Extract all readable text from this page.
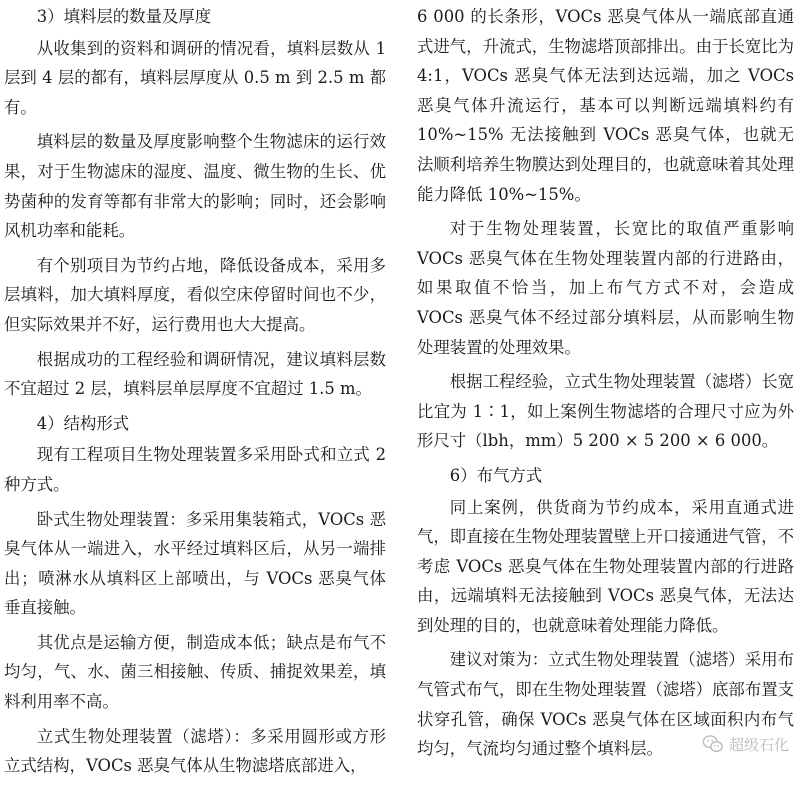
3）填料层的数量及厚度

从收集到的资料和调研的情况看，填料层数从 1 层到 4 层的都有，填料层厚度从 0.5 m 到 2.5 m 都有。

填料层的数量及厚度影响整个生物滤床的运行效果，对于生物滤床的湿度、温度、微生物的生长、优势菌种的发育等都有非常大的影响；同时，还会影响风机功率和能耗。

有个别项目为节约占地，降低设备成本，采用多层填料，加大填料厚度，看似空床停留时间也不少，但实际效果并不好，运行费用也大大提高。

根据成功的工程经验和调研情况，建议填料层数不宜超过 2 层，填料层单层厚度不宜超过 1.5 m。

4）结构形式

现有工程项目生物处理装置多采用卧式和立式 2 种方式。

卧式生物处理装置：多采用集装箱式，VOCs 恶臭气体从一端进入，水平经过填料区后，从另一端排出；喷淋水从填料区上部喷出，与 VOCs 恶臭气体垂直接触。

其优点是运输方便，制造成本低；缺点是布气不均匀，气、水、菌三相接触、传质、捕捉效果差，填料利用率不高。

立式生物处理装置（滤塔）：多采用圆形或方形立式结构，VOCs 恶臭气体从生物滤塔底部进入，

6 000 的长条形，VOCs 恶臭气体从一端底部直通式进气，升流式，生物滤塔顶部排出。由于长宽比为 4:1，VOCs 恶臭气体无法到达远端，加之 VOCs 恶臭气体升流运行，基本可以判断远端填料约有 10%~15% 无法接触到 VOCs 恶臭气体，也就无法顺利培养生物膜达到处理目的，也就意味着其处理能力降低 10%~15%。

对于生物处理装置，长宽比的取值严重影响 VOCs 恶臭气体在生物处理装置内部的行进路由，如果取值不恰当，加上布气方式不对，会造成 VOCs 恶臭气体不经过部分填料层，从而影响生物处理装置的处理效果。

根据工程经验，立式生物处理装置（滤塔）长宽比宜为 1∶1，如上案例生物滤塔的合理尺寸应为外形尺寸（lbh，mm）5 200 × 5 200 × 6 000。

6）布气方式

同上案例，供货商为节约成本，采用直通式进气，即直接在生物处理装置壁上开口接通进气管，不考虑 VOCs 恶臭气体在生物处理装置内部的行进路由，远端填料无法接触到 VOCs 恶臭气体，无法达到处理的目的，也就意味着处理能力降低。

建议对策为：立式生物处理装置（滤塔）采用布气管式布气，即在生物处理装置（滤塔）底部布置支状穿孔管，确保 VOCs 恶臭气体在区域面积内布气均匀，气流均匀通过整个填料层。	超级石化
